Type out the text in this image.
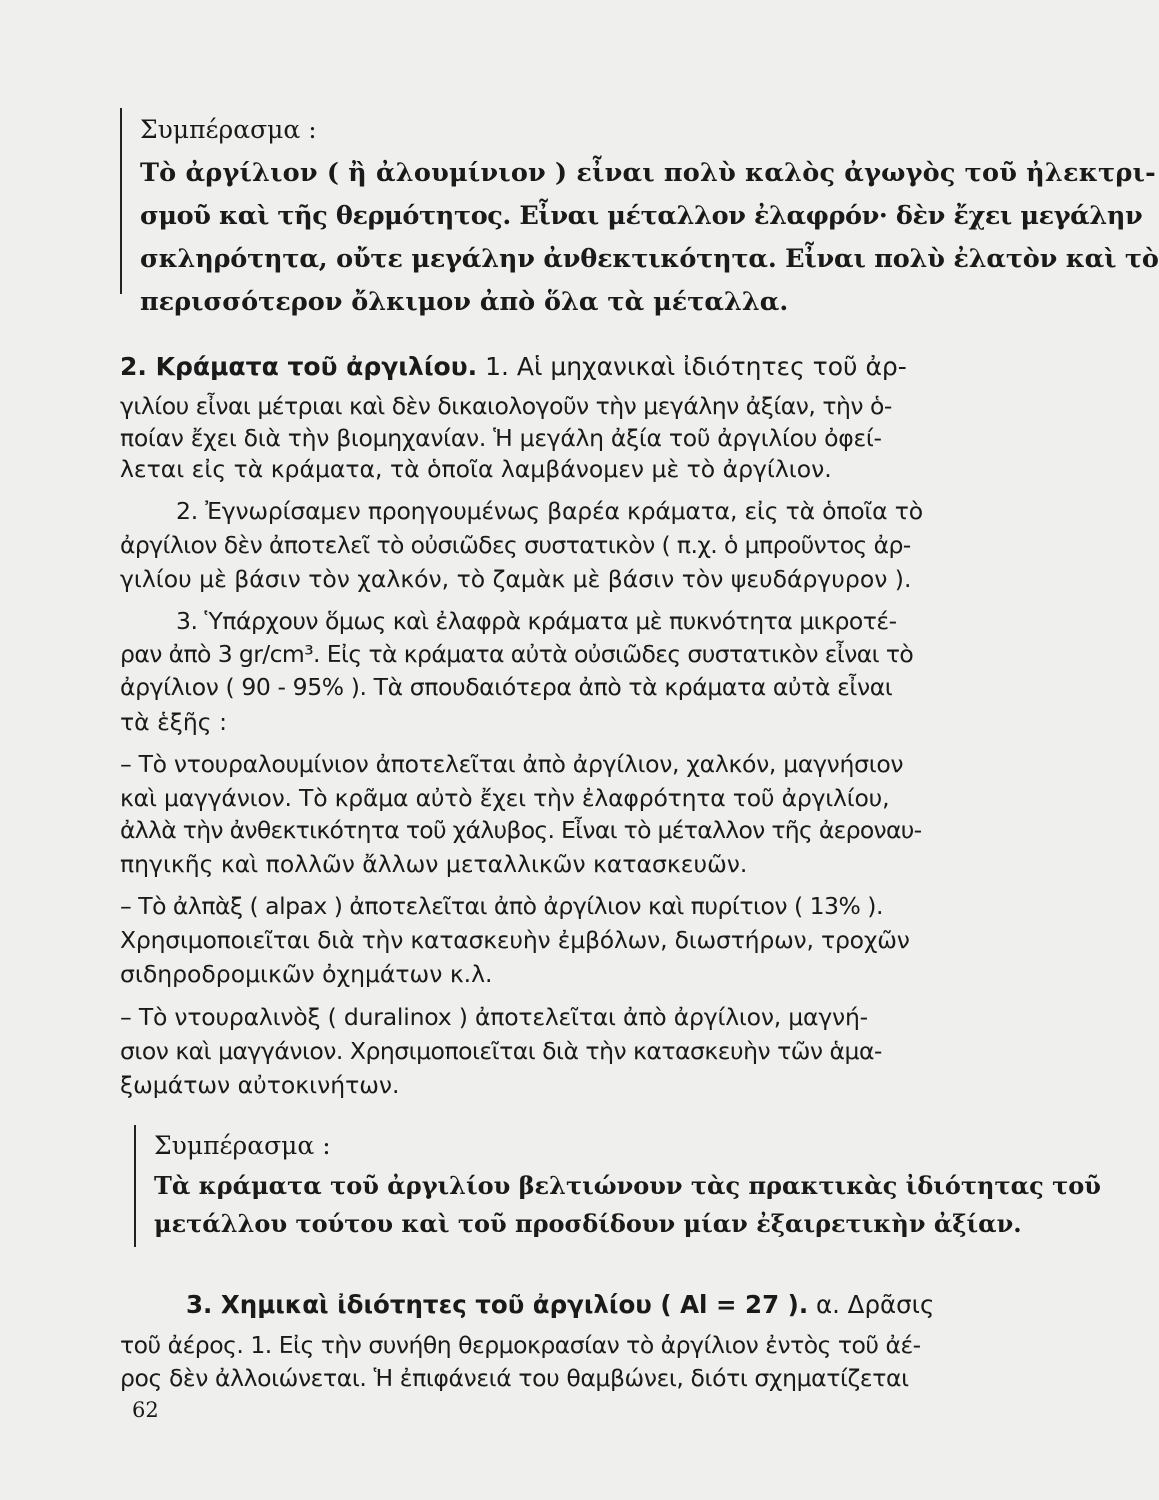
Συμπέρασμα :

Τὸ ἀργίλιον ( ἢ ἀλουμίνιον ) εἶναι πολὺ καλὸς ἀγωγὸς τοῦ ἠλεκτρι-

σμοῦ καὶ τῆς θερμότητος. Εἶναι μέταλλον ἐλαφρόν· δὲν ἔχει μεγάλην

σκληρότητα, οὔτε μεγάλην ἀνθεκτικότητα. Εἶναι πολὺ ἐλατὸν καὶ τὸ

περισσότερον ὄλκιμον ἀπὸ ὅλα τὰ μέταλλα.

2. Κράματα τοῦ ἀργιλίου. 1. Αἱ μηχανικαὶ ἰδιότητες τοῦ ἀρ-

γιλίου εἶναι μέτριαι καὶ δὲν δικαιολογοῦν τὴν μεγάλην ἀξίαν, τὴν ὁ-

ποίαν ἔχει διὰ τὴν βιομηχανίαν. Ἡ μεγάλη ἀξία τοῦ ἀργιλίου ὀφεί-

λεται εἰς τὰ κράματα, τὰ ὁποῖα λαμβάνομεν μὲ τὸ ἀργίλιον.

2. Ἐγνωρίσαμεν προηγουμένως βαρέα κράματα, εἰς τὰ ὁποῖα τὸ

ἀργίλιον δὲν ἀποτελεῖ τὸ οὐσιῶδες συστατικὸν ( π.χ. ὁ μπροῦντος ἀρ-

γιλίου μὲ βάσιν τὸν χαλκόν, τὸ ζαμὰκ μὲ βάσιν τὸν ψευδάργυρον ).

3. Ὑπάρχουν ὅμως καὶ ἐλαφρὰ κράματα μὲ πυκνότητα μικροτέ-

ραν ἀπὸ 3 gr/cm³. Εἰς τὰ κράματα αὐτὰ οὐσιῶδες συστατικὸν εἶναι τὸ

ἀργίλιον ( 90 - 95% ). Τὰ σπουδαιότερα ἀπὸ τὰ κράματα αὐτὰ εἶναι

τὰ ἑξῆς :

– Τὸ ντουραλουμίνιον ἀποτελεῖται ἀπὸ ἀργίλιον, χαλκόν, μαγνήσιον

καὶ μαγγάνιον. Τὸ κρᾶμα αὐτὸ ἔχει τὴν ἐλαφρότητα τοῦ ἀργιλίου,

ἀλλὰ τὴν ἀνθεκτικότητα τοῦ χάλυβος. Εἶναι τὸ μέταλλον τῆς ἀεροναυ-

πηγικῆς καὶ πολλῶν ἄλλων μεταλλικῶν κατασκευῶν.

– Τὸ ἀλπὰξ ( alpax ) ἀποτελεῖται ἀπὸ ἀργίλιον καὶ πυρίτιον ( 13% ).

Χρησιμοποιεῖται διὰ τὴν κατασκευὴν ἐμβόλων, διωστήρων, τροχῶν

σιδηροδρομικῶν ὀχημάτων κ.λ.

– Τὸ ντουραλινὸξ ( duralinox ) ἀποτελεῖται ἀπὸ ἀργίλιον, μαγνή-

σιον καὶ μαγγάνιον. Χρησιμοποιεῖται διὰ τὴν κατασκευὴν τῶν ἁμα-

ξωμάτων αὐτοκινήτων.

Συμπέρασμα :

Τὰ κράματα τοῦ ἀργιλίου βελτιώνουν τὰς πρακτικὰς ἰδιότητας τοῦ

μετάλλου τούτου καὶ τοῦ προσδίδουν μίαν ἐξαιρετικὴν ἀξίαν.

3. Χημικαὶ ἰδιότητες τοῦ ἀργιλίου ( Al = 27 ). α. Δρᾶσις

τοῦ ἀέρος. 1. Εἰς τὴν συνήθη θερμοκρασίαν τὸ ἀργίλιον ἐντὸς τοῦ ἀέ-

ρος δὲν ἀλλοιώνεται. Ἡ ἐπιφάνειά του θαμβώνει, διότι σχηματίζεται

62
